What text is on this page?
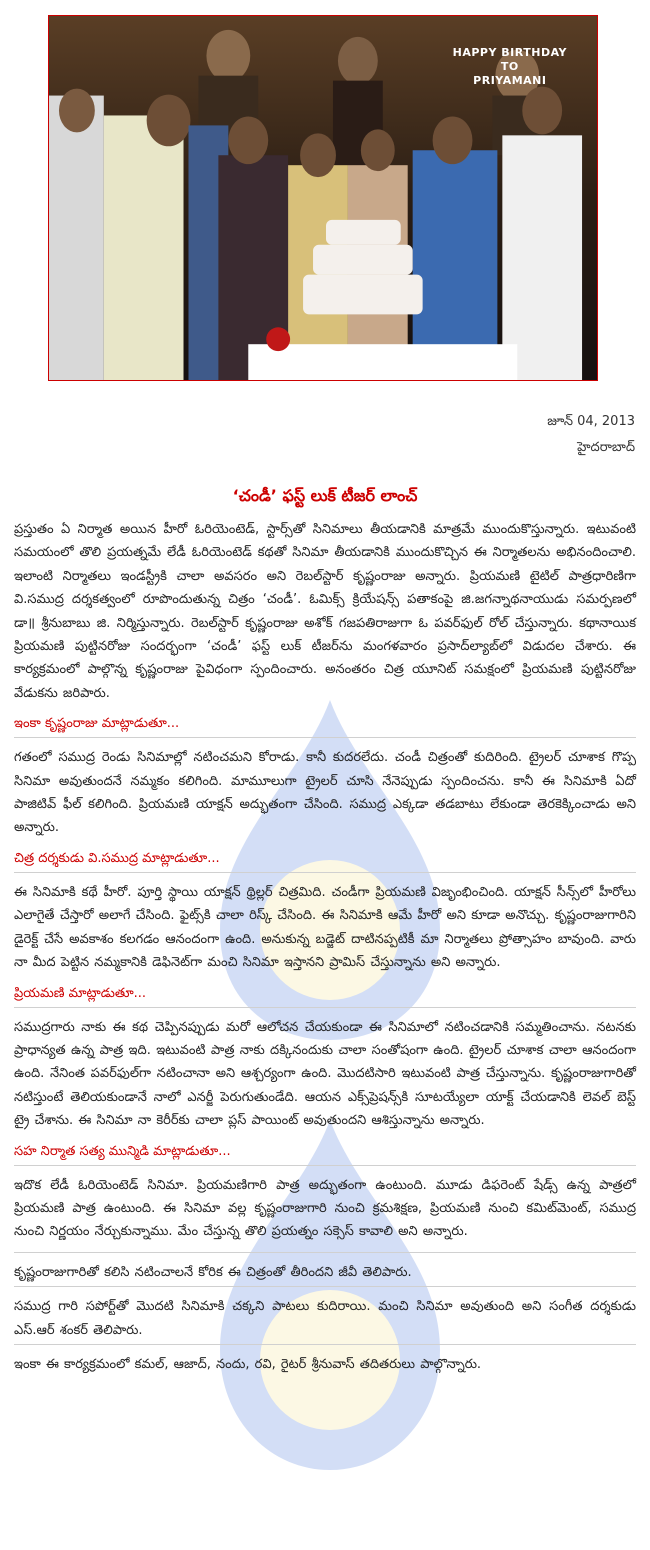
HAPPY BIRTHDAY
TO
PRIYAMANI
జూన్ 04, 2013
హైదరాబాద్
‘చండీ’ ఫస్ట్ లుక్ టీజర్ లాంచ్

ప్రస్తుతం ఏ నిర్మాత అయిన హీరో ఓరియెంటెడ్, స్టార్స్‌తో సినిమాలు తీయడానికి మాత్రమే ముందుకొస్తున్నారు. ఇటువంటి సమయంలో తొలి ప్రయత్నమే లేడీ ఓరియెంటెడ్ కథతో సినిమా తీయడానికి ముందుకొచ్చిన ఈ నిర్మాతలను అభినందించాలి. ఇలాంటి నిర్మాతలు ఇండస్ట్రీకి చాలా అవసరం అని రెబల్‌స్టార్ కృష్ణంరాజు అన్నారు. ప్రియమణి టైటిల్ పాత్రధారిణిగా వి.సముద్ర దర్శకత్వంలో రూపొందుతున్న చిత్రం ‘చండీ’. ఓమిక్స్ క్రియేషన్స్ పతాకంపై జి.జగన్నాథనాయుడు సమర్పణలో డా॥ శ్రీనుబాబు జి. నిర్మిస్తున్నారు. రెబల్‌స్టార్ కృష్ణంరాజు అశోక్ గజపతిరాజుగా ఓ పవర్‌ఫుల్ రోల్ చేస్తున్నారు. కథానాయిక ప్రియమణి పుట్టినరోజు సందర్భంగా ‘చండీ’ ఫస్ట్ లుక్ టీజర్‌ను మంగళవారం ప్రసాద్‌ల్యాబ్‌లో విడుదల చేశారు. ఈ కార్యక్రమంలో పాల్గొన్న కృష్ణంరాజు పైవిధంగా స్పందించారు. అనంతరం చిత్ర యూనిట్ సమక్షంలో ప్రియమణి పుట్టినరోజు వేడుకను జరిపారు.

ఇంకా కృష్ణంరాజు మాట్లాడుతూ...

గతంలో సముద్ర రెండు సినిమాల్లో నటించమని కోరాడు. కానీ కుదరలేదు. చండీ చిత్రంతో కుదిరింది. ట్రైలర్ చూశాక గొప్ప సినిమా అవుతుందనే నమ్మకం కలిగింది. మామూలుగా ట్రైలర్ చూసి నేనెప్పుడు స్పందించను. కానీ ఈ సినిమాకి ఏదో పాజిటివ్ ఫీల్ కలిగింది. ప్రియమణి యాక్షన్ అద్భుతంగా చేసింది. సముద్ర ఎక్కడా తడబాటు లేకుండా తెరకెక్కించాడు అని అన్నారు.

చిత్ర దర్శకుడు వి.సముద్ర మాట్లాడుతూ...

ఈ సినిమాకి కథే హీరో. పూర్తి స్థాయి యాక్షన్ థ్రిల్లర్ చిత్రమిది. చండీగా ప్రియమణి విజృంభించింది. యాక్షన్ సీన్స్‌లో హీరోలు ఎలాగైతే చేస్తారో అలాగే చేసింది. ఫైట్స్‌కి చాలా రిస్క్ చేసింది. ఈ సినిమాకి ఆమే హీరో అని కూడా అనొచ్చు. కృష్ణంరాజుగారిని డైరెక్ట్ చేసే అవకాశం కలగడం ఆనందంగా ఉంది. అనుకున్న బడ్జెట్ దాటినప్పటికీ మా నిర్మాతలు ప్రోత్సాహం బావుంది. వారు నా మీద పెట్టిన నమ్మకానికి డెఫినెట్‌గా మంచి సినిమా ఇస్తానని ప్రామిస్ చేస్తున్నాను అని అన్నారు.

ప్రియమణి మాట్లాడుతూ...

సముద్రగారు నాకు ఈ కథ చెప్పినప్పుడు మరో ఆలోచన చేయకుండా ఈ సినిమాలో నటించడానికి సమ్మతించాను. నటనకు ప్రాధాన్యత ఉన్న పాత్ర ఇది. ఇటువంటి పాత్ర నాకు దక్కినందుకు చాలా సంతోషంగా ఉంది. ట్రైలర్ చూశాక చాలా ఆనందంగా ఉంది. నేనింత పవర్‌ఫుల్‌గా నటించానా అని ఆశ్చర్యంగా ఉంది. మొదటిసారి ఇటువంటి పాత్ర చేస్తున్నాను. కృష్ణంరాజుగారితో నటిస్తుంటే తెలియకుండానే నాలో ఎనర్జీ పెరుగుతుండేది. ఆయన ఎక్స్‌ప్రెషన్స్‌కి సూటయ్యేలా యాక్ట్ చేయడానికి లెవల్ బెస్ట్ ట్రై చేశాను. ఈ సినిమా నా కెరీర్‌కు చాలా ప్లస్ పాయింట్ అవుతుందని ఆశిస్తున్నాను అన్నారు.

సహ నిర్మాత సత్య మున్మిడి మాట్లాడుతూ...

ఇదొక లేడీ ఓరియెంటెడ్ సినిమా. ప్రియమణిగారి పాత్ర అద్భుతంగా ఉంటుంది. మూడు డిఫరెంట్ షేడ్స్ ఉన్న పాత్రలో ప్రియమణి పాత్ర ఉంటుంది. ఈ సినిమా వల్ల కృష్ణంరాజుగారి నుంచి క్రమశిక్షణ, ప్రియమణి నుంచి కమిట్‌మెంట్, సముద్ర నుంచి నిర్ణయం నేర్చుకున్నాము. మేం చేస్తున్న తొలి ప్రయత్నం సక్సెస్ కావాలి అని అన్నారు.

కృష్ణంరాజుగారితో కలిసి నటించాలనే కోరిక ఈ చిత్రంతో తీరిందని జీవీ తెలిపారు.

సముద్ర గారి సపోర్ట్‌తో మొదటి సినిమాకి చక్కని పాటలు కుదిరాయి. మంచి సినిమా అవుతుంది అని సంగీత దర్శకుడు ఎస్.ఆర్ శంకర్ తెలిపారు.

ఇంకా ఈ కార్యక్రమంలో కమల్, ఆజాద్, నందు, రవి, రైటర్ శ్రీనువాస్ తదితరులు పాల్గొన్నారు.
